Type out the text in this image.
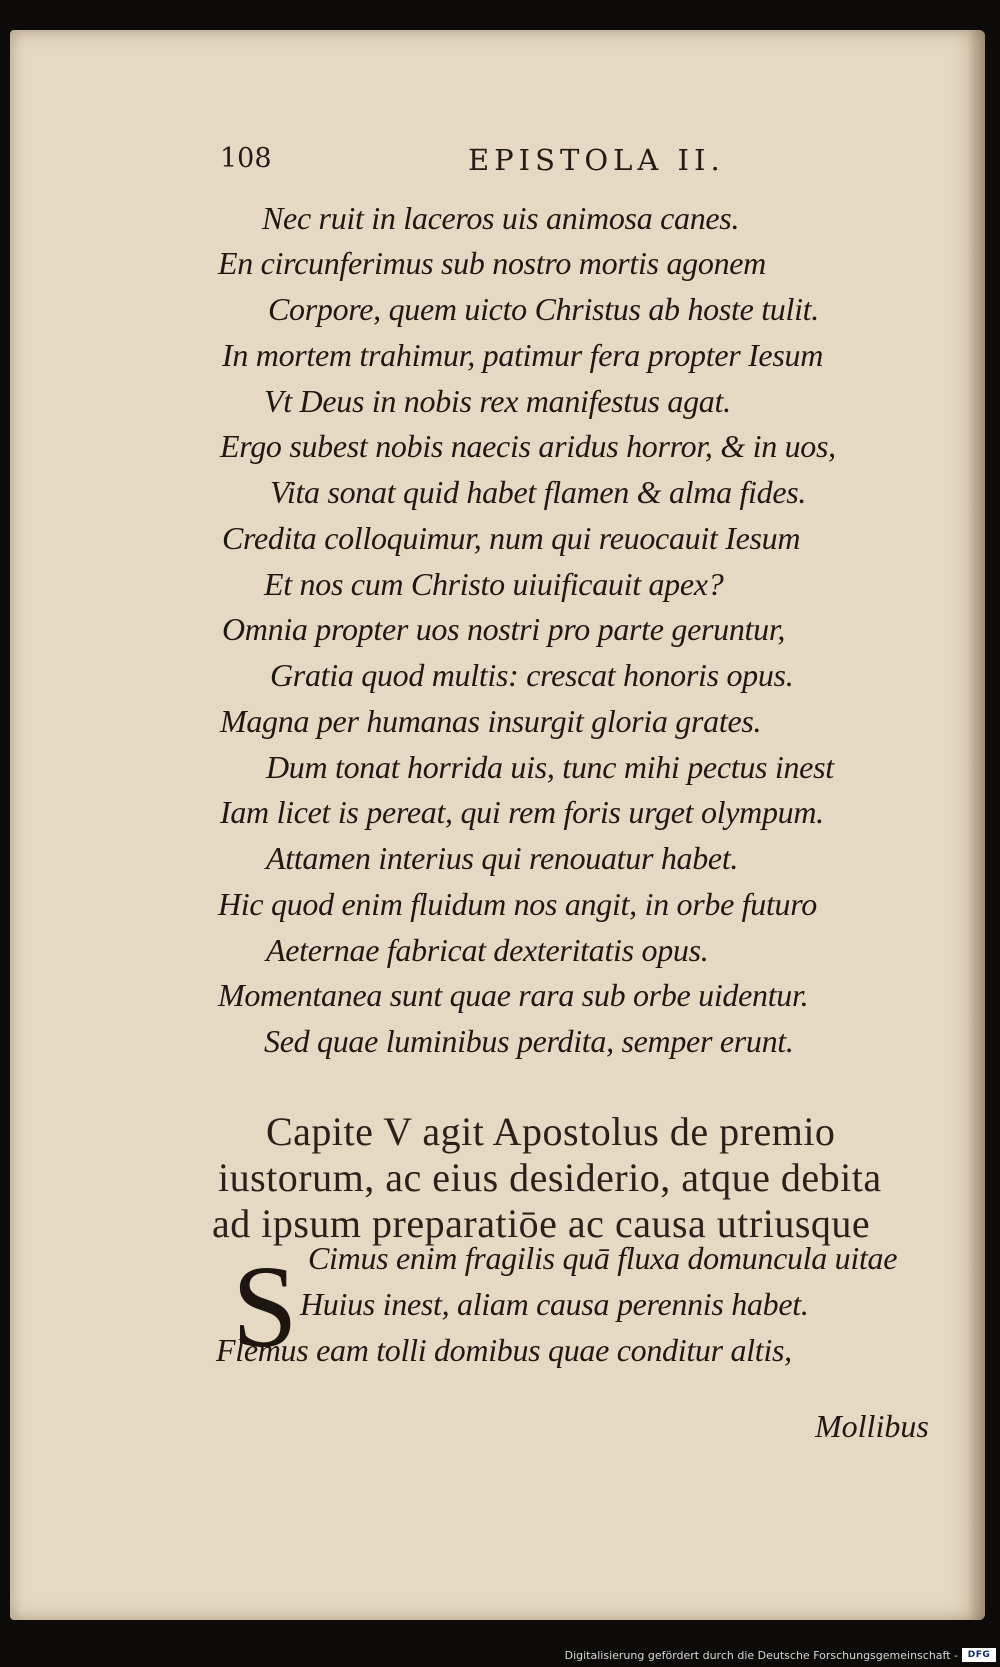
108	EPISTOLA II.
Nec ruit in laceros uis animosa canes.
En circunferimus sub nostro mortis agonem
Corpore, quem uicto Christus ab hoste tulit.
In mortem trahimur, patimur fera propter Iesum
Vt Deus in nobis rex manifestus agat.
Ergo subest nobis naecis aridus horror, & in uos,
Vita sonat quid habet flamen & alma fides.
Credita colloquimur, num qui reuocauit Iesum
Et nos cum Christo uiuificauit apex?
Omnia propter uos nostri pro parte geruntur,
Gratia quod multis: crescat honoris opus.
Magna per humanas insurgit gloria grates.
Dum tonat horrida uis, tunc mihi pectus inest
Iam licet is pereat, qui rem foris urget olympum.
Attamen interius qui renouatur habet.
Hic quod enim fluidum nos angit, in orbe futuro
Aeternae fabricat dexteritatis opus.
Momentanea sunt quae rara sub orbe uidentur.
Sed quae luminibus perdita, semper erunt.
Capite V agit Apostolus de premio
iustorum, ac eius desiderio, atque debita
ad ipsum preparatiōe ac causa utriusque
S Cimus enim fragilis quā fluxa domuncula uitae
Huius inest, aliam causa perennis habet.
Flemus eam tolli domibus quae conditur altis,
Mollibus
Digitalisierung gefördert durch die Deutsche Forschungsgemeinschaft -	DFG
